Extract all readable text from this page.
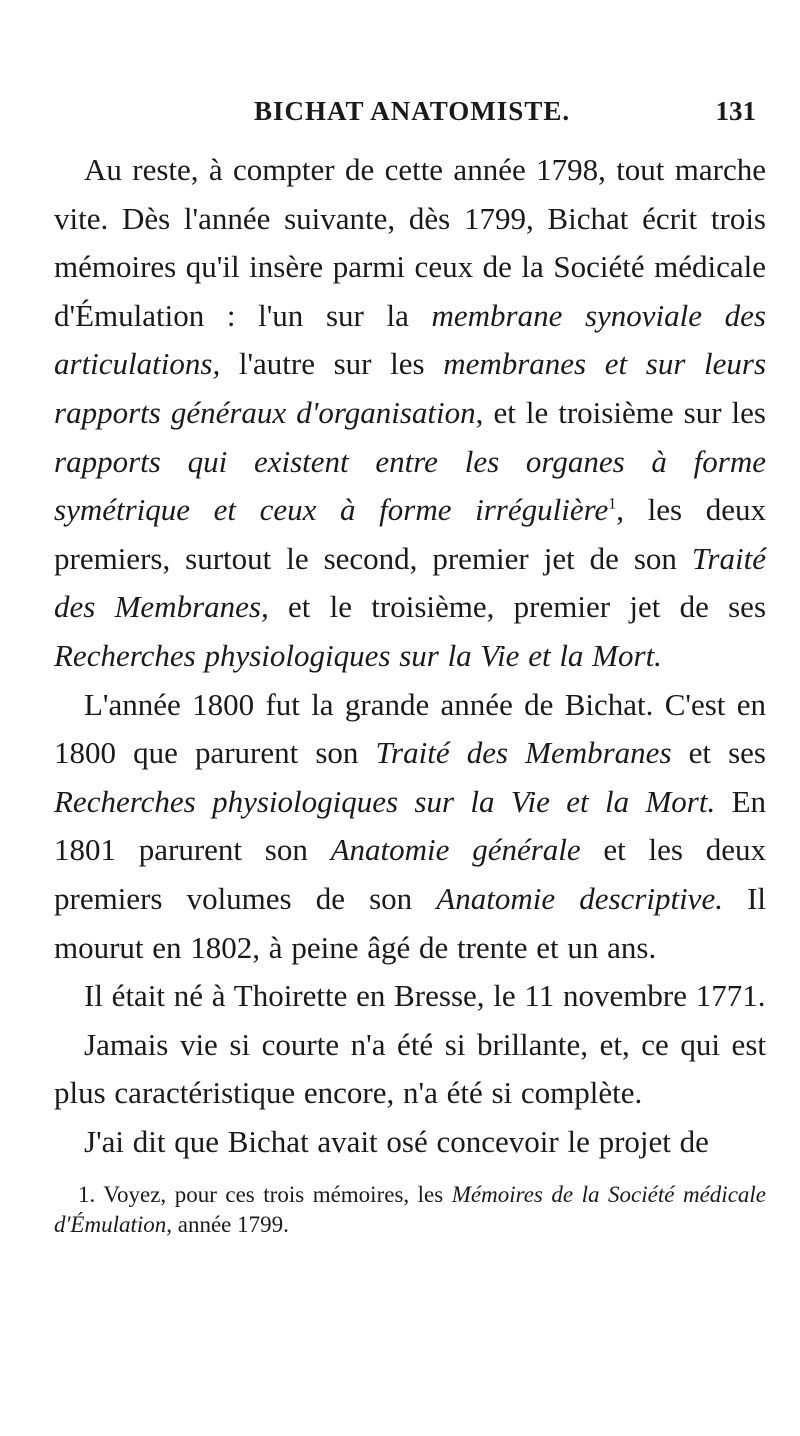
BICHAT ANATOMISTE.	131

Au reste, à compter de cette année 1798, tout marche vite. Dès l'année suivante, dès 1799, Bichat écrit trois mémoires qu'il insère parmi ceux de la Société médicale d'Émulation : l'un sur la membrane synoviale des articulations, l'autre sur les membranes et sur leurs rapports généraux d'organisation, et le troisième sur les rapports qui existent entre les organes à forme symétrique et ceux à forme irrégulière$^1$, les deux premiers, surtout le second, premier jet de son Traité des Membranes, et le troisième, premier jet de ses Recherches physiologiques sur la Vie et la Mort.

L'année 1800 fut la grande année de Bichat. C'est en 1800 que parurent son Traité des Membranes et ses Recherches physiologiques sur la Vie et la Mort. En 1801 parurent son Anatomie générale et les deux premiers volumes de son Anatomie descriptive. Il mourut en 1802, à peine âgé de trente et un ans.

Il était né à Thoirette en Bresse, le 11 novembre 1771.

Jamais vie si courte n'a été si brillante, et, ce qui est plus caractéristique encore, n'a été si complète.

J'ai dit que Bichat avait osé concevoir le projet de

1. Voyez, pour ces trois mémoires, les Mémoires de la Société médicale d'Émulation, année 1799.
